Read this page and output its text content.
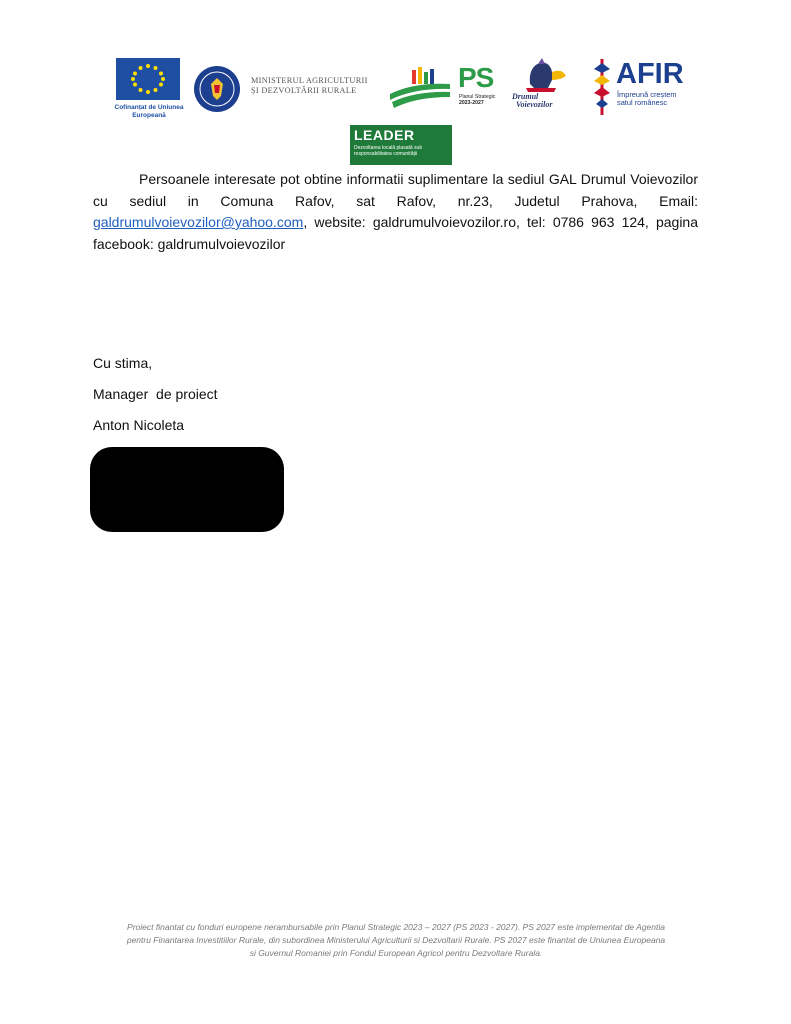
Cofinanțat de Uniunea Europeană
MINISTERUL AGRICULTURII
ȘI DEZVOLTĂRII RURALE	PS
Planul Strategic
2023-2027
Drumul
Voievozilor
AFIR
Împreună creștem
satul românesc
LEADER
Dezvoltarea locală plasată sub responsabilitatea comunității
Persoanele interesate pot obtine informatii suplimentare la sediul GAL Drumul Voievozilor cu sediul in Comuna Rafov, sat Rafov, nr.23, Judetul Prahova, Email: galdrumulvoievozilor@yahoo.com, website: galdrumulvoievozilor.ro, tel: 0786 963 124, pagina facebook: galdrumulvoievozilor
Cu stima,
Manager  de proiect
Anton Nicoleta
Proiect finantat cu fonduri europene nerambursabile prin Planul Strategic 2023 – 2027 (PS 2023 - 2027). PS 2027 este implementat de Agentia
pentru Finantarea Investitiilor Rurale, din subordinea Ministerului Agriculturii si Dezvoltarii Rurale. PS 2027 este finantat de Uniunea Europeana
si Guvernul Romaniei prin Fondul European Agricol pentru Dezvoltare Rurala.
